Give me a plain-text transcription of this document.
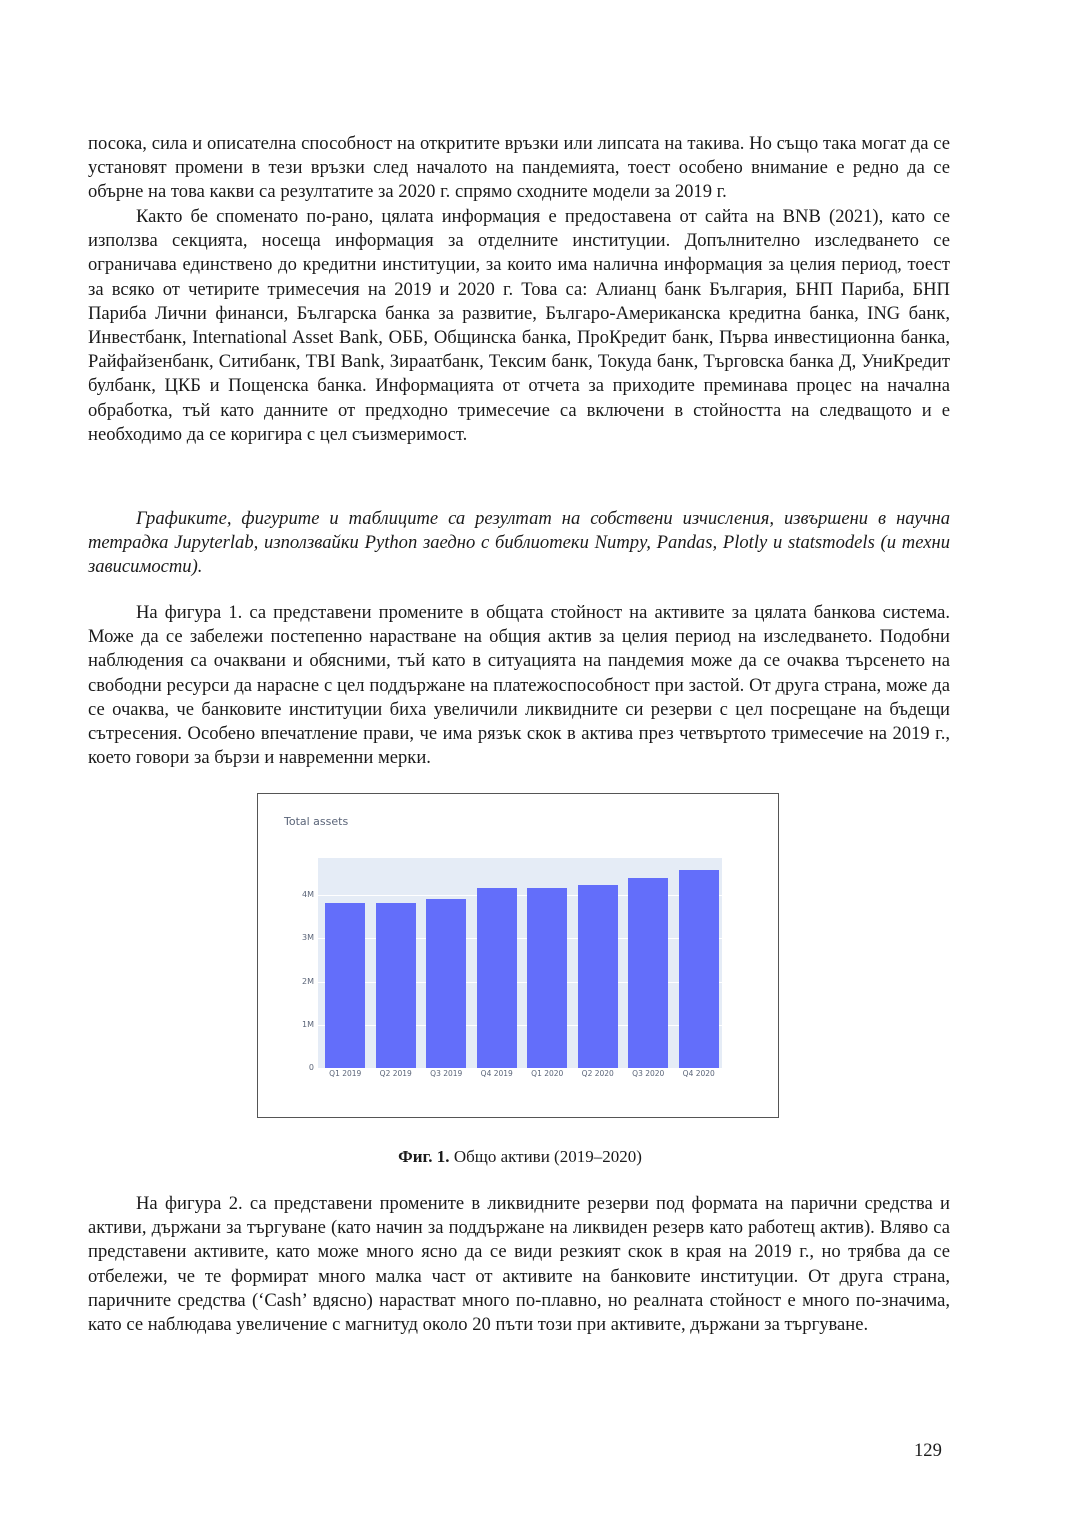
посока, сила и описателна способност на откритите връзки или липсата на такива. Но също така могат да се установят промени в тези връзки след началото на пандемията, тоест особено внимание е редно да се обърне на това какви са резултатите за 2020 г. спрямо сходните модели за 2019 г.

Както бе споменато по-рано, цялата информация е предоставена от сайта на BNB (2021), като се използва секцията, носеща информация за отделните институции. Допълнително изследването се ограничава единствено до кредитни институции, за които има налична информация за целия период, тоест за всяко от четирите тримесечия на 2019 и 2020 г. Това са: Алианц банк България, БНП Париба, БНП Париба Лични финанси, Българска банка за развитие, Българо-Американска кредитна банка, ING банк, Инвестбанк, International Asset Bank, ОББ, Общинска банка, ПроКредит банк, Първа инвестиционна банка, Райфайзенбанк, Ситибанк, TBI Bank, Зираатбанк, Тексим банк, Токуда банк, Търговска банка Д, УниКредит булбанк, ЦКБ и Пощенска банка. Информацията от отчета за приходите преминава процес на начална обработка, тъй като данните от предходно тримесечие са включени в стойността на следващото и е необходимо да се коригира с цел съизмеримост.

Графиките, фигурите и таблиците са резултат на собствени изчисления, извършени в научна тетрадка Jupyterlab, използвайки Python заедно с библиотеки Numpy, Pandas, Plotly и statsmodels (и техни зависимости).

На фигура 1. са представени промените в общата стойност на активите за цялата банкова система. Може да се забележи постепенно нарастване на общия актив за целия период на изследването. Подобни наблюдения са очаквани и обясними, тъй като в ситуацията на пандемия може да се очаква търсенето на свободни ресурси да нарасне с цел поддържане на платежоспособност при застой. От друга страна, може да се очаква, че банковите институции биха увеличили ликвидните си резерви с цел посрещане на бъдещи сътресения. Особено впечатление прави, че има рязък скок в актива през четвъртото тримесечие на 2019 г., което говори за бързи и навременни мерки.

Total assets
0
1M
2M
3M
4M
Q1 2019	Q2 2019	Q3 2019	Q4 2019	Q1 2020	Q2 2020	Q3 2020	Q4 2020
Фиг. 1. Общо активи (2019–2020)

На фигура 2. са представени промените в ликвидните резерви под формата на парични средства и активи, държани за търгуване (като начин за поддържане на ликвиден резерв като работещ актив). Вляво са представени активите, като може много ясно да се види резкият скок в края на 2019 г., но трябва да се отбележи, че те формират много малка част от активите на банковите институции. От друга страна, паричните средства (‘Cash’ вдясно) нарастват много по-плавно, но реалната стойност е много по-значима, като се наблюдава увеличение с магнитуд около 20 пъти този при активите, държани за търгуване.

129
